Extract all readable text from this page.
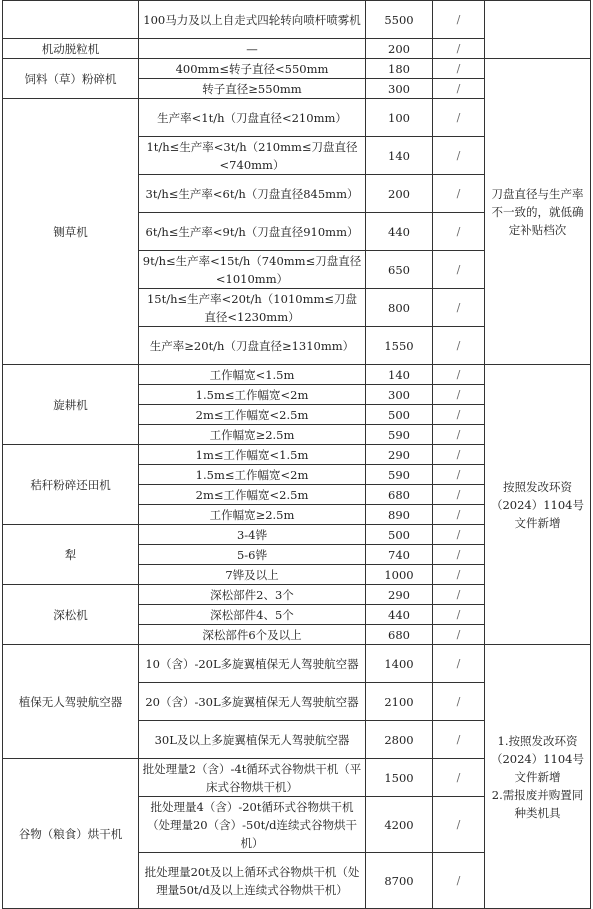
	100马力及以上自走式四轮转向喷杆喷雾机	5500	/	
机动脱粒机	—	200	/	
饲料（草）粉碎机	400mm≤转子直径<550mm	180	/	刀盘直径与生产率不一致的，就低确定补贴档次
	转子直径≥550mm	300	/	
铡草机	生产率<1t/h（刀盘直径<210mm）	100	/	
	1t/h≤生产率<3t/h（210mm≤刀盘直径<740mm）	140	/	
	3t/h≤生产率<6t/h（刀盘直径845mm）	200	/	
	6t/h≤生产率<9t/h（刀盘直径910mm）	440	/	
	9t/h≤生产率<15t/h（740mm≤刀盘直径<1010mm）	650	/	
	15t/h≤生产率<20t/h（1010mm≤刀盘直径<1230mm）	800	/	
	生产率≥20t/h（刀盘直径≥1310mm）	1550	/	
旋耕机	工作幅宽<1.5m	140	/	按照发改环资（2024）1104号文件新增
	1.5m≤工作幅宽<2m	300	/	
	2m≤工作幅宽<2.5m	500	/	
	工作幅宽≥2.5m	590	/	
秸秆粉碎还田机	1m≤工作幅宽<1.5m	290	/	
	1.5m≤工作幅宽<2m	590	/	
	2m≤工作幅宽<2.5m	680	/	
	工作幅宽≥2.5m	890	/	
犁	3-4铧	500	/	
	5-6铧	740	/	
	7铧及以上	1000	/	
深松机	深松部件2、3个	290	/	
	深松部件4、5个	440	/	
	深松部件6个及以上	680	/	
植保无人驾驶航空器	10（含）-20L多旋翼植保无人驾驶航空器	1400	/	1.按照发改环资（2024）1104号文件新增
2.需报废并购置同种类机具

	20（含）-30L多旋翼植保无人驾驶航空器	2100	/	
	30L及以上多旋翼植保无人驾驶航空器	2800	/	
谷物（粮食）烘干机	批处理量2（含）-4t循环式谷物烘干机（平床式谷物烘干机）	1500	/	
	批处理量4（含）-20t循环式谷物烘干机（处理量20（含）-50t/d连续式谷物烘干机）	4200	/	
	批处理量20t及以上循环式谷物烘干机（处理量50t/d及以上连续式谷物烘干机）	8700	/	
